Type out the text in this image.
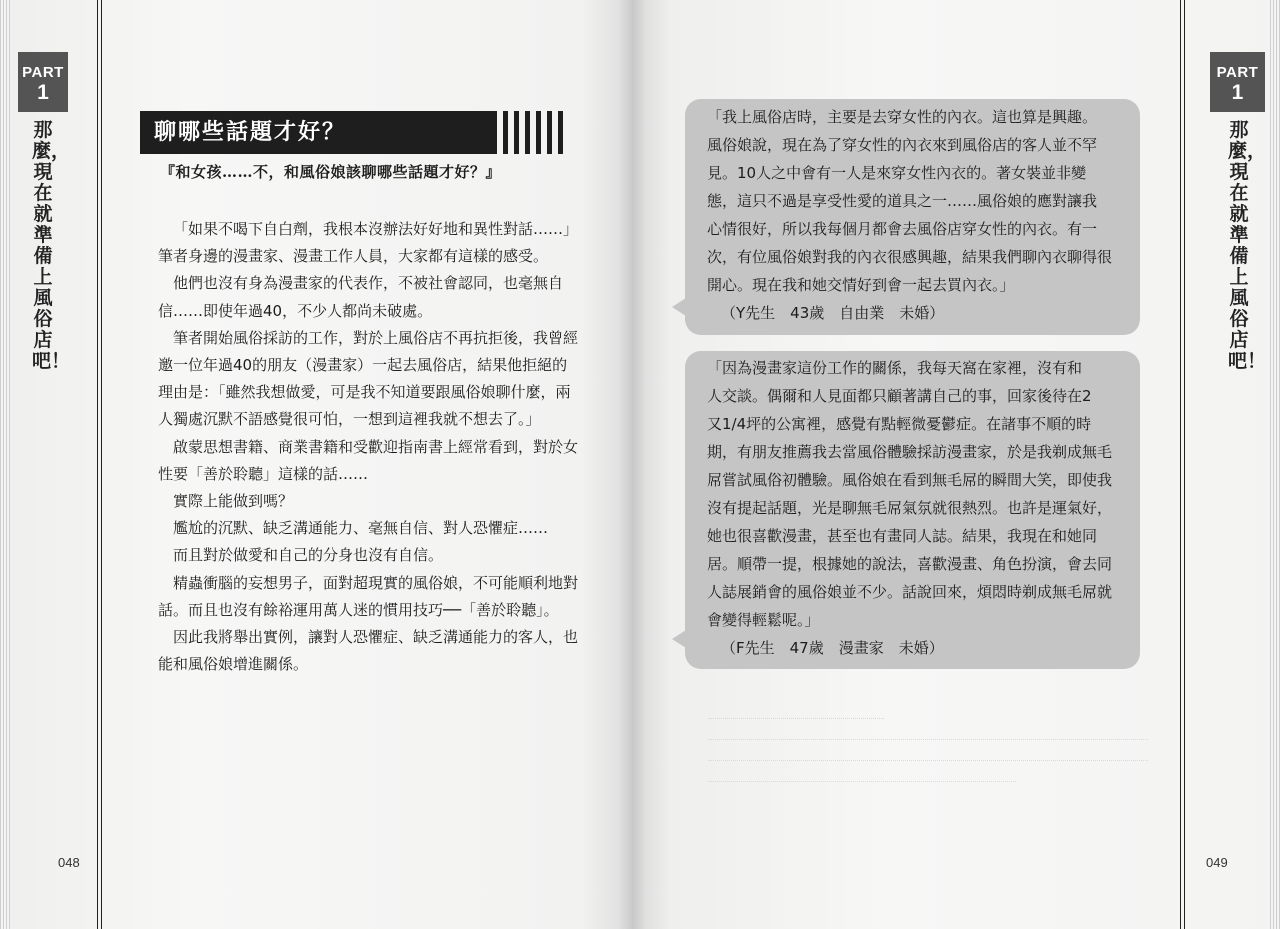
PART
1
那麼，現在就準備上風俗店吧！
聊哪些話題才好？
『和女孩……不，和風俗娘該聊哪些話題才好？』

「如果不喝下自白劑，我根本沒辦法好好地和異性對話……」筆者身邊的漫畫家、漫畫工作人員，大家都有這樣的感受。

他們也沒有身為漫畫家的代表作，不被社會認同，也毫無自信……即使年過40，不少人都尚未破處。

筆者開始風俗採訪的工作，對於上風俗店不再抗拒後，我曾經邀一位年過40的朋友（漫畫家）一起去風俗店，結果他拒絕的理由是：「雖然我想做愛，可是我不知道要跟風俗娘聊什麼，兩人獨處沉默不語感覺很可怕，一想到這裡我就不想去了。」

啟蒙思想書籍、商業書籍和受歡迎指南書上經常看到，對於女性要「善於聆聽」這樣的話……

實際上能做到嗎？

尷尬的沉默、缺乏溝通能力、毫無自信、對人恐懼症……

而且對於做愛和自己的分身也沒有自信。

精蟲衝腦的妄想男子，面對超現實的風俗娘，不可能順利地對話。而且也沒有餘裕運用萬人迷的慣用技巧──「善於聆聽」。

因此我將舉出實例，讓對人恐懼症、缺乏溝通能力的客人，也能和風俗娘增進關係。

048
PART
1
那麼，現在就準備上風俗店吧！
「我上風俗店時，主要是去穿女性的內衣。這也算是興趣。
風俗娘說，現在為了穿女性的內衣來到風俗店的客人並不罕
見。10人之中會有一人是來穿女性內衣的。著女裝並非變
態，這只不過是享受性愛的道具之一……風俗娘的應對讓我
心情很好，所以我每個月都會去風俗店穿女性的內衣。有一
次，有位風俗娘對我的內衣很感興趣，結果我們聊內衣聊得很
開心。現在我和她交情好到會一起去買內衣。」
（Y先生　43歲　自由業　未婚）
「因為漫畫家這份工作的關係，我每天窩在家裡，沒有和
人交談。偶爾和人見面都只顧著講自己的事，回家後待在2
又1/4坪的公寓裡，感覺有點輕微憂鬱症。在諸事不順的時
期，有朋友推薦我去當風俗體驗採訪漫畫家，於是我剃成無毛
屌嘗試風俗初體驗。風俗娘在看到無毛屌的瞬間大笑，即使我
沒有提起話題，光是聊無毛屌氣氛就很熱烈。也許是運氣好，
她也很喜歡漫畫，甚至也有畫同人誌。結果，我現在和她同
居。順帶一提，根據她的說法，喜歡漫畫、角色扮演，會去同
人誌展銷會的風俗娘並不少。話說回來，煩悶時剃成無毛屌就
會變得輕鬆呢。」
（F先生　47歲　漫畫家　未婚）
049
